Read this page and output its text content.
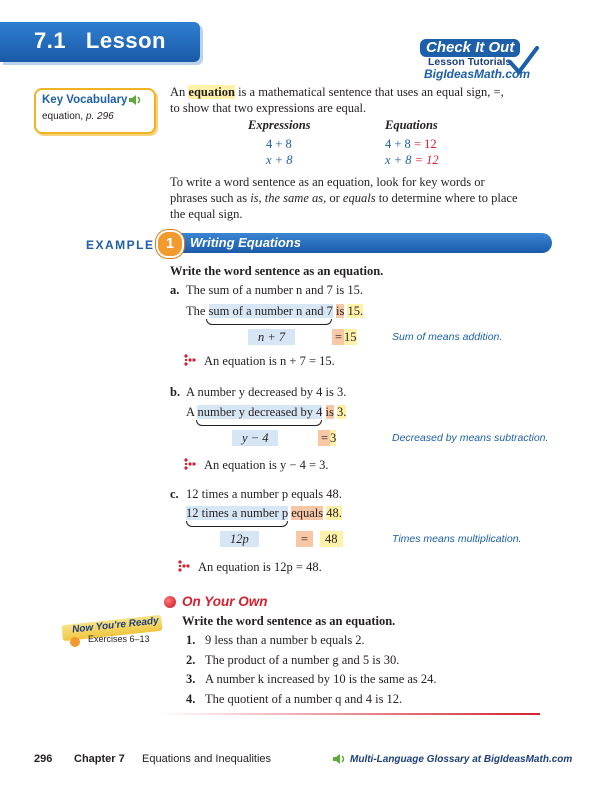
7.1   Lesson	Check It Out
Lesson Tutorials
BigIdeasMath.com
Key Vocabulary
equation, p. 296
An equation is a mathematical sentence that uses an equal sign, =,
to show that two expressions are equal.
Expressions	Equations
4 + 8	4 + 8 = 12
x + 8	x + 8 = 12
To write a word sentence as an equation, look for key words or
phrases such as is, the same as, or equals to determine where to place
the equal sign.
EXAMPLE 1	Writing Equations
Write the word sentence as an equation.
a. The sum of a number n and 7 is 15.
The sum of a number n and 7 is 15.
n + 7	= 15	Sum of means addition.
An equation is n + 7 = 15.
b. A number y decreased by 4 is 3.
A number y decreased by 4 is 3.
y − 4	= 3	Decreased by means subtraction.
An equation is y − 4 = 3.
c. 12 times a number p equals 48.
12 times a number p equals 48.
12p	=	48	Times means multiplication.
An equation is 12p = 48.
On Your Own
Write the word sentence as an equation.
Now You're Ready
Exercises 6–13	1. 9 less than a number b equals 2.
2. The product of a number g and 5 is 30.
3. A number k increased by 10 is the same as 24.
4. The quotient of a number q and 4 is 12.
296 Chapter 7 Equations and Inequalities	Multi-Language Glossary at BigIdeasMath.com
